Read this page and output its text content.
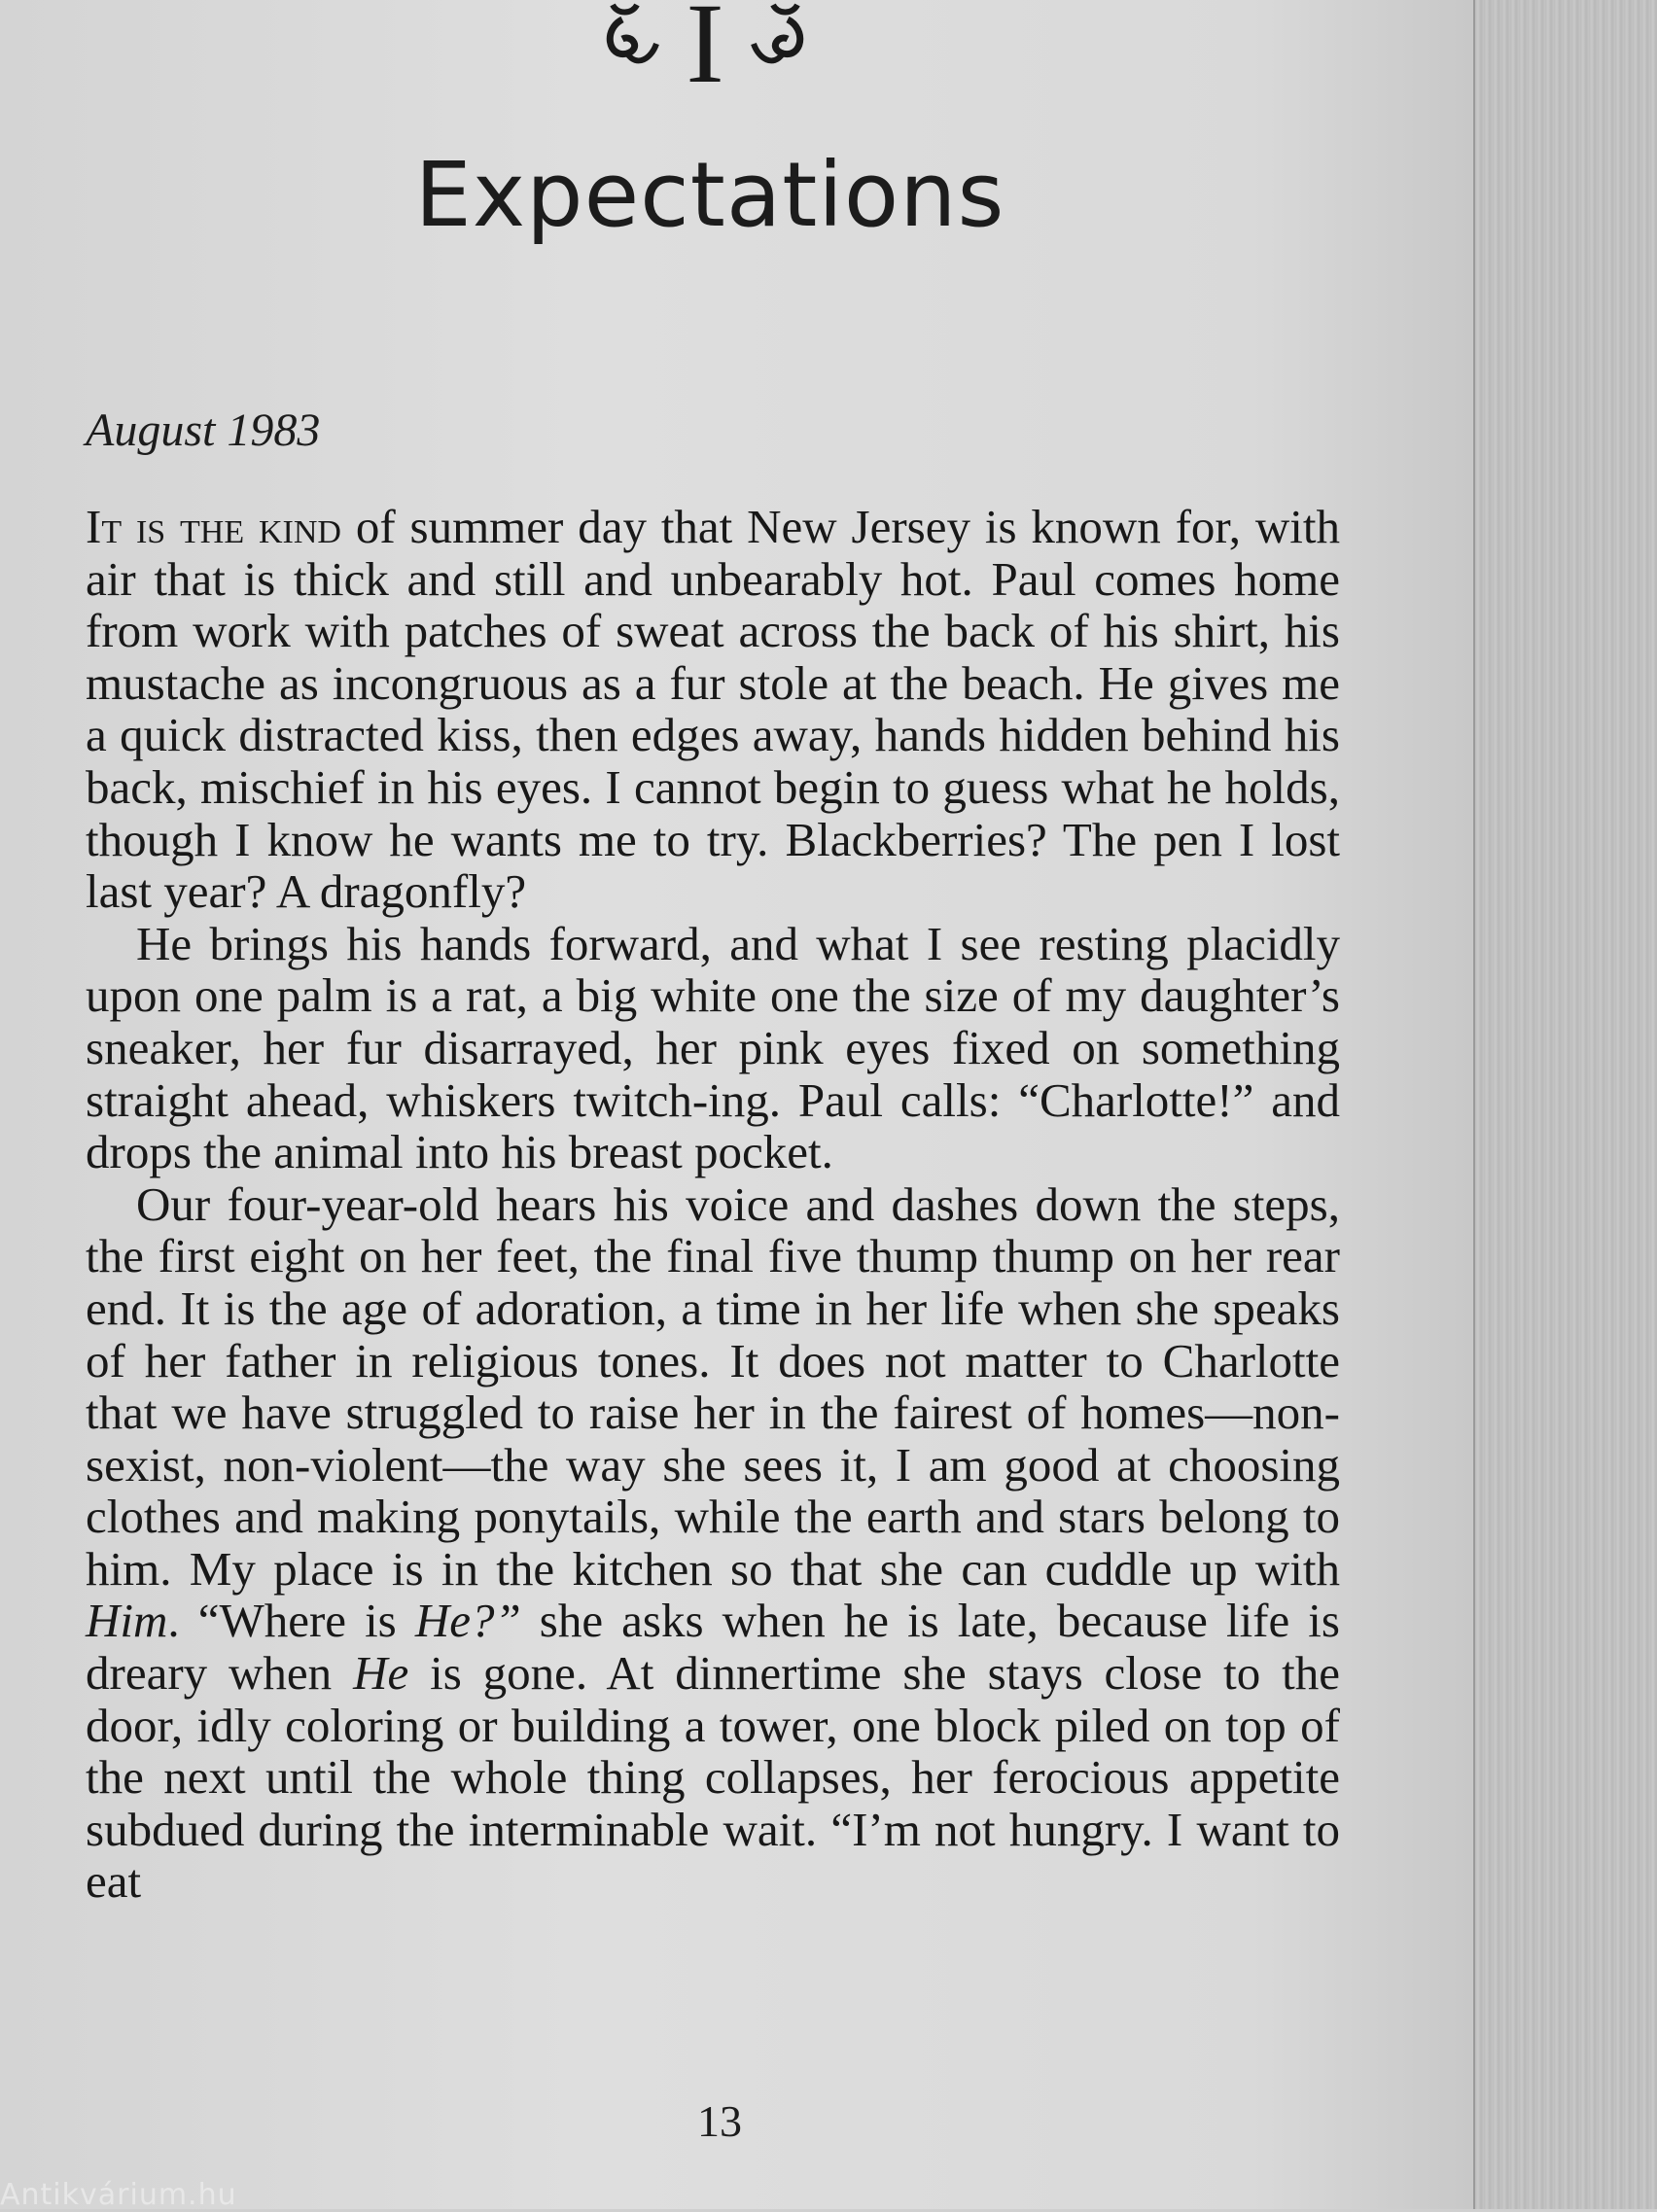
I
Expectations
August 1983

It is the kind of summer day that New Jersey is known for, with air that is thick and still and unbearably hot. Paul comes home from work with patches of sweat across the back of his shirt, his mustache as incongruous as a fur stole at the beach. He gives me a quick distracted kiss, then edges away, hands hidden behind his back, mischief in his eyes. I cannot begin to guess what he holds, though I know he wants me to try. Blackberries? The pen I lost last year? A dragonfly?

He brings his hands forward, and what I see resting placidly upon one palm is a rat, a big white one the size of my daughter’s sneaker, her fur disarrayed, her pink eyes fixed on something straight ahead, whiskers twitch-ing. Paul calls: “Charlotte!” and drops the animal into his breast pocket.

Our four-year-old hears his voice and dashes down the steps, the first eight on her feet, the final five thump thump on her rear end. It is the age of adoration, a time in her life when she speaks of her father in religious tones. It does not matter to Charlotte that we have struggled to raise her in the fairest of homes—non-sexist, non-violent—the way she sees it, I am good at choosing clothes and making ponytails, while the earth and stars belong to him. My place is in the kitchen so that she can cuddle up with Him. “Where is He?” she asks when he is late, because life is dreary when He is gone. At dinnertime she stays close to the door, idly coloring or building a tower, one block piled on top of the next until the whole thing collapses, her ferocious appetite subdued during the interminable wait. “I’m not hungry. I want to eat

13
Antikvárium.hu
